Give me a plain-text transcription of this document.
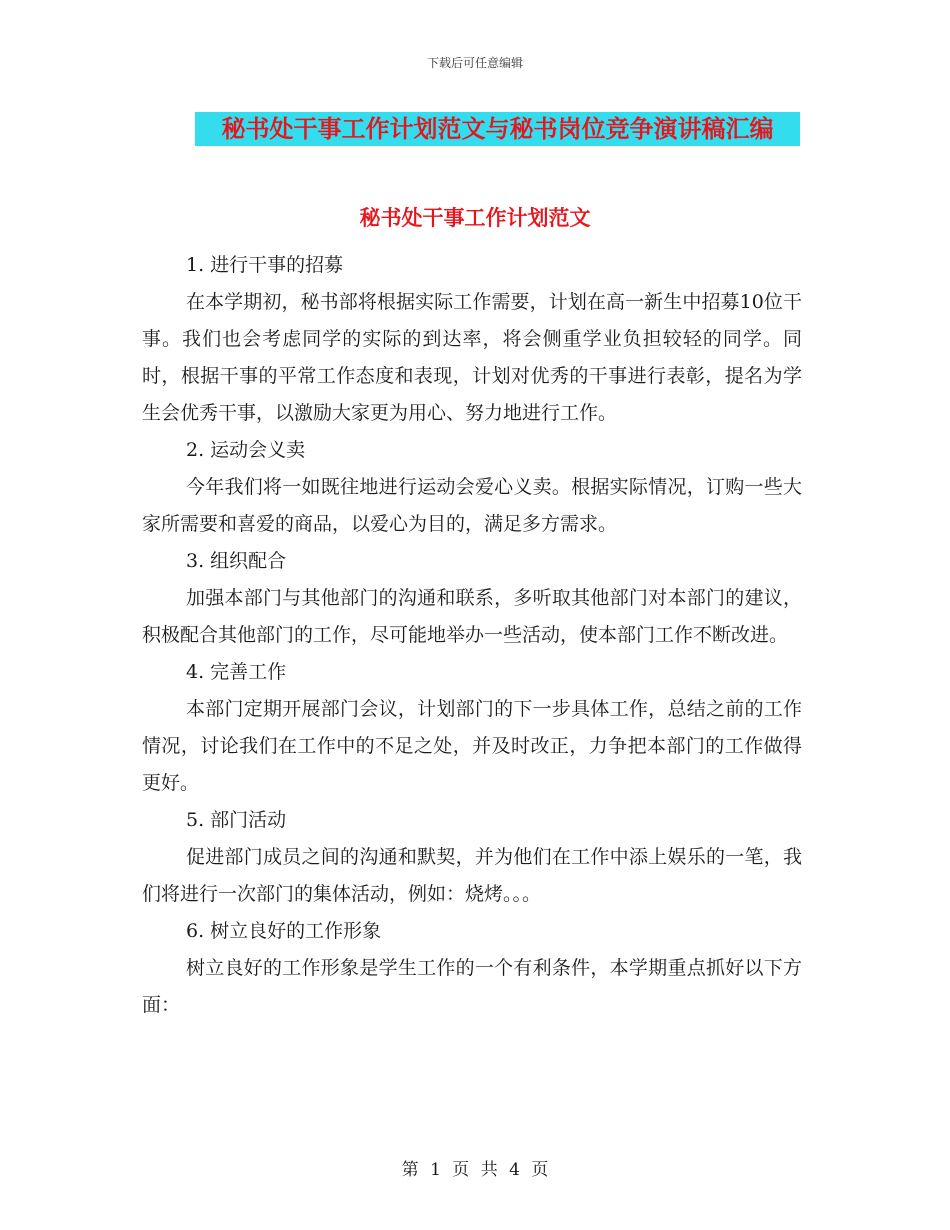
下载后可任意编辑
秘书处干事工作计划范文与秘书岗位竞争演讲稿汇编
秘书处干事工作计划范文

1. 进行干事的招募

在本学期初，秘书部将根据实际工作需要，计划在高一新生中招募10位干事。我们也会考虑同学的实际的到达率，将会侧重学业负担较轻的同学。同时，根据干事的平常工作态度和表现，计划对优秀的干事进行表彰，提名为学生会优秀干事，以激励大家更为用心、努力地进行工作。

2. 运动会义卖

今年我们将一如既往地进行运动会爱心义卖。根据实际情况，订购一些大家所需要和喜爱的商品，以爱心为目的，满足多方需求。

3. 组织配合

加强本部门与其他部门的沟通和联系，多听取其他部门对本部门的建议，积极配合其他部门的工作，尽可能地举办一些活动，使本部门工作不断改进。

4. 完善工作

本部门定期开展部门会议，计划部门的下一步具体工作，总结之前的工作情况，讨论我们在工作中的不足之处，并及时改正，力争把本部门的工作做得更好。

5. 部门活动

促进部门成员之间的沟通和默契，并为他们在工作中添上娱乐的一笔，我们将进行一次部门的集体活动，例如：烧烤。。。

6. 树立良好的工作形象

树立良好的工作形象是学生工作的一个有利条件，本学期重点抓好以下方面：

第 1 页 共 4 页
